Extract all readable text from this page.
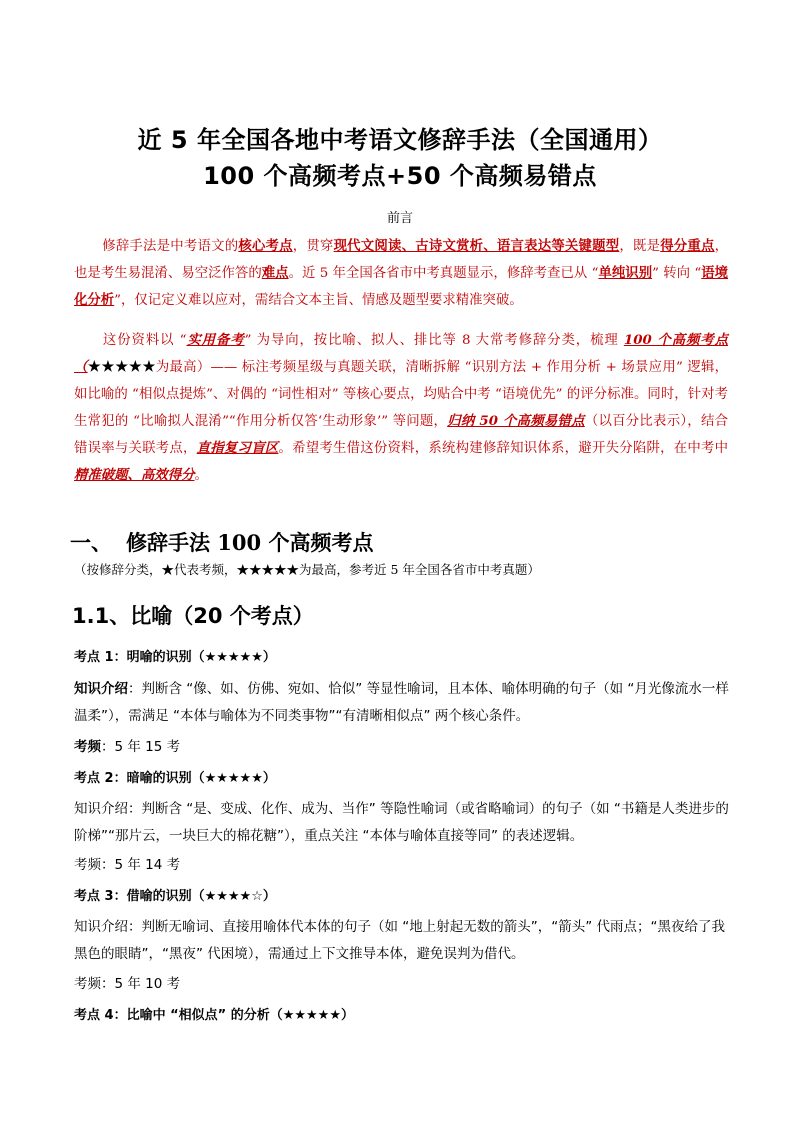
近 5 年全国各地中考语文修辞手法（全国通用）
100 个高频考点+50 个高频易错点
前言

修辞手法是中考语文的核心考点，贯穿现代文阅读、古诗文赏析、语言表达等关键题型，既是得分重点，也是考生易混淆、易空泛作答的难点。近 5 年全国各省市中考真题显示，修辞考查已从 “单纯识别” 转向 “语境化分析”，仅记定义难以应对，需结合文本主旨、情感及题型要求精准突破。

这份资料以 “实用备考” 为导向，按比喻、拟人、排比等 8 大常考修辞分类，梳理 100 个高频考点（★★★★★为最高）—— 标注考频星级与真题关联，清晰拆解 “识别方法 + 作用分析 + 场景应用” 逻辑，如比喻的 “相似点提炼”、对偶的 “词性相对” 等核心要点，均贴合中考 “语境优先” 的评分标准。同时，针对考生常犯的 “比喻拟人混淆”“作用分析仅答‘生动形象’” 等问题，归纳 50 个高频易错点（以百分比表示），结合错误率与关联考点，直指复习盲区。希望考生借这份资料，系统构建修辞知识体系，避开失分陷阱，在中考中精准破题、高效得分。

一、 修辞手法 100 个高频考点
（按修辞分类，★代表考频，★★★★★为最高，参考近 5 年全国各省市中考真题）
1.1、比喻（20 个考点）
考点 1：明喻的识别（★★★★★）

知识介绍：判断含 “像、如、仿佛、宛如、恰似” 等显性喻词，且本体、喻体明确的句子（如 “月光像流水一样温柔”），需满足 “本体与喻体为不同类事物”“有清晰相似点” 两个核心条件。

考频：5 年 15 考
考点 2：暗喻的识别（★★★★★）

知识介绍：判断含 “是、变成、化作、成为、当作” 等隐性喻词（或省略喻词）的句子（如 “书籍是人类进步的阶梯”“那片云，一块巨大的棉花糖”），重点关注 “本体与喻体直接等同” 的表述逻辑。

考频：5 年 14 考
考点 3：借喻的识别（★★★★☆）

知识介绍：判断无喻词、直接用喻体代本体的句子（如 “地上射起无数的箭头”，“箭头” 代雨点；“黑夜给了我黑色的眼睛”，“黑夜” 代困境），需通过上下文推导本体，避免误判为借代。

考频：5 年 10 考
考点 4：比喻中 “相似点” 的分析（★★★★★）
